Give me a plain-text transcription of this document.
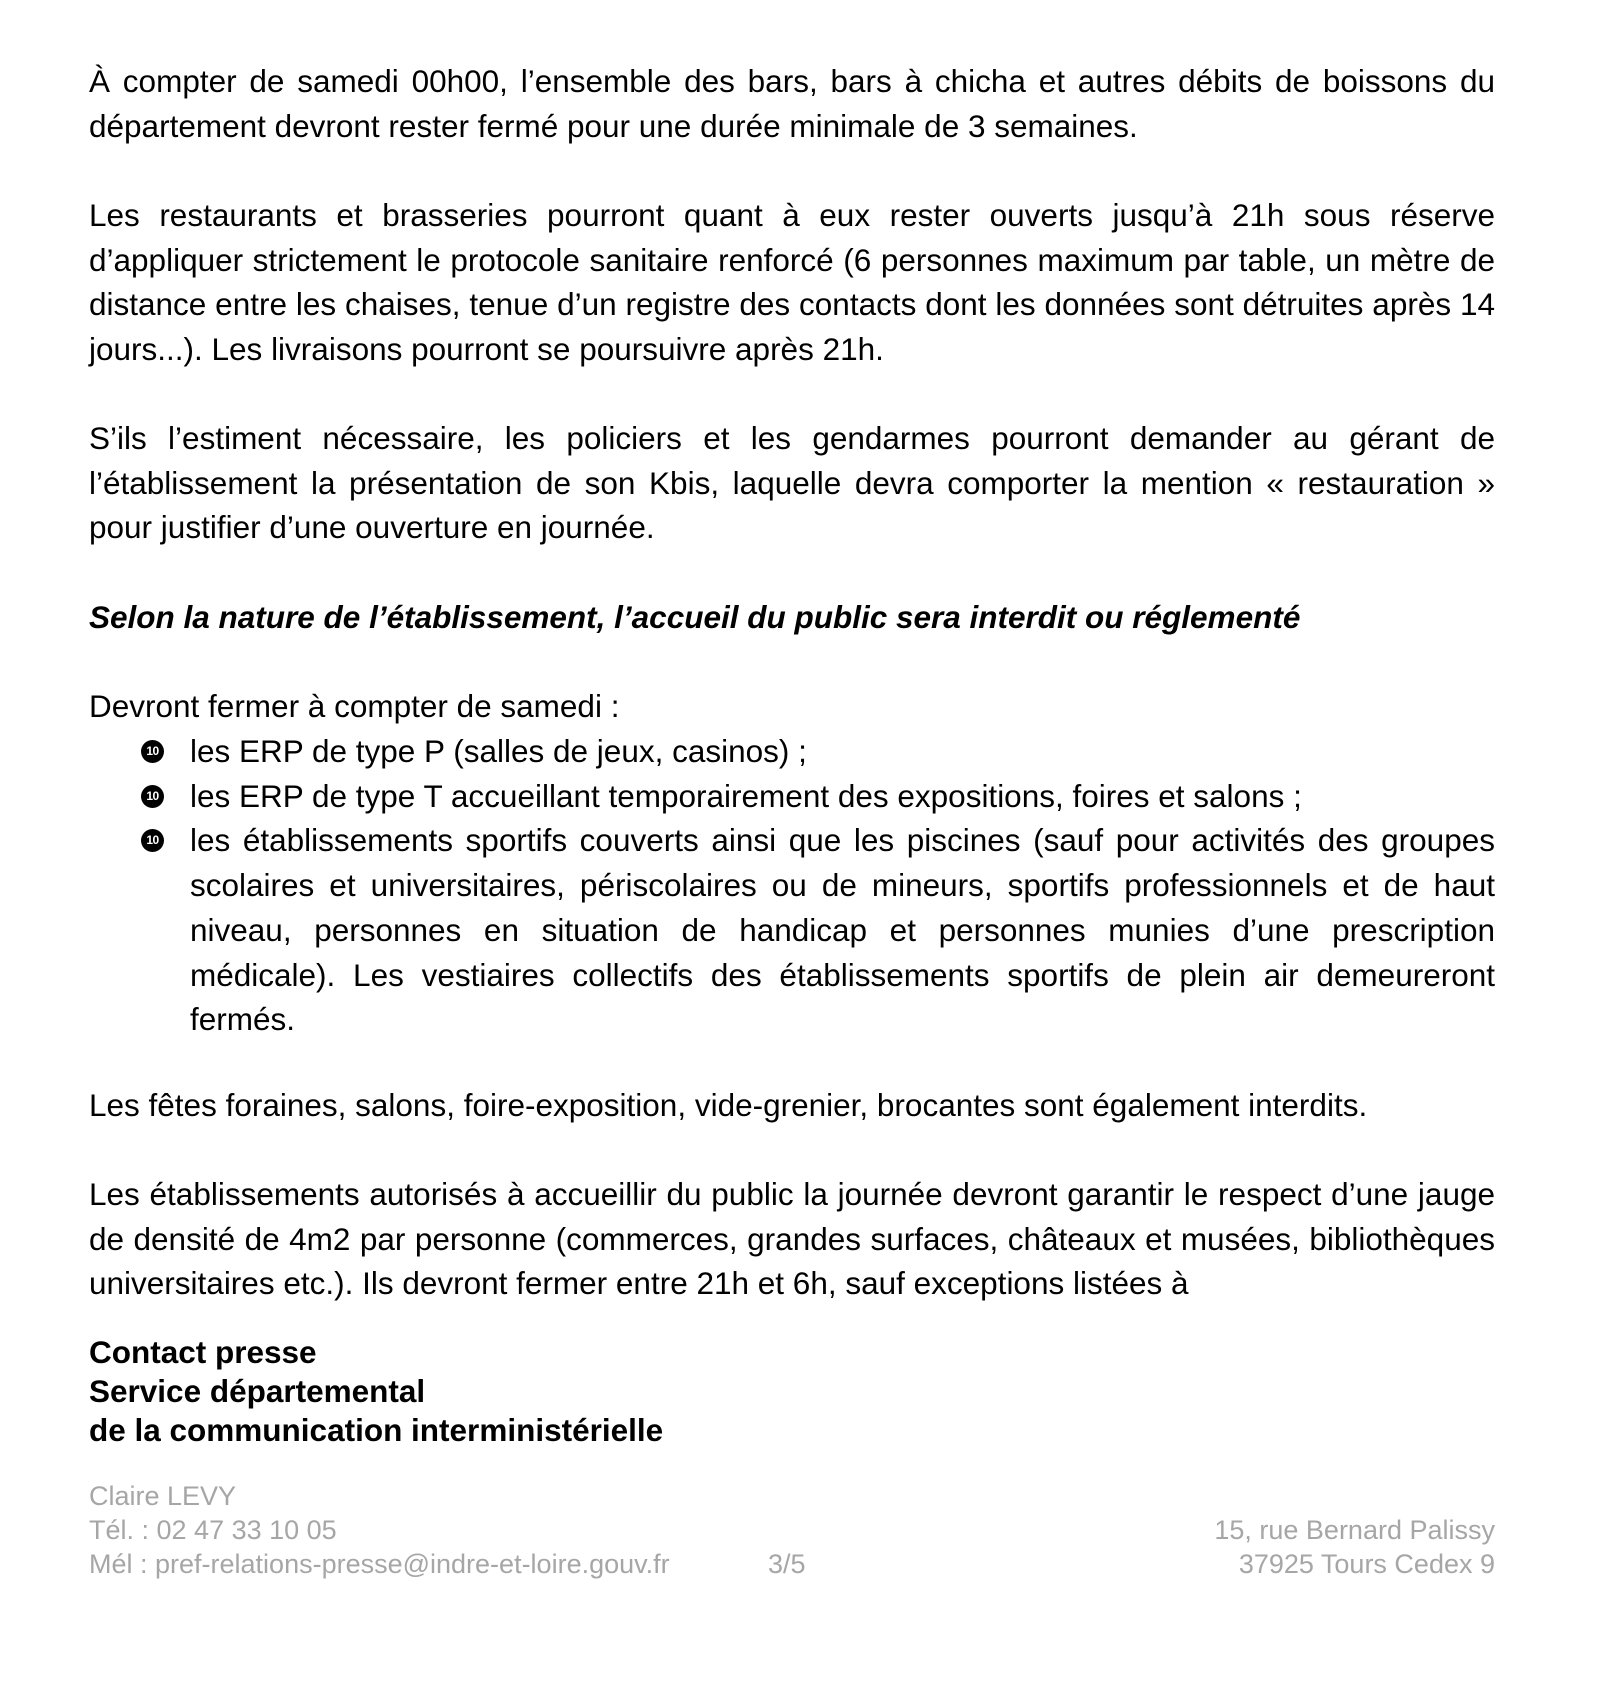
À compter de samedi 00h00, l’ensemble des bars, bars à chicha et autres débits de boissons du département devront rester fermé pour une durée minimale de 3 semaines.

Les restaurants et brasseries pourront quant à eux rester ouverts jusqu’à 21h sous réserve d’appliquer strictement le protocole sanitaire renforcé (6 personnes maximum par table, un mètre de distance entre les chaises, tenue d’un registre des contacts dont les données sont détruites après 14 jours...). Les livraisons pourront se poursuivre après 21h.

S’ils l’estiment nécessaire, les policiers et les gendarmes pourront demander au gérant de l’établissement la présentation de son Kbis, laquelle devra comporter la mention « restauration » pour justifier d’une ouverture en journée.

Selon la nature de l’établissement, l’accueil du public sera interdit ou réglementé

Devront fermer à compter de samedi :

10 les ERP de type P (salles de jeux, casinos) ;
10 les ERP de type T accueillant temporairement des expositions, foires et salons ;
10 les établissements sportifs couverts ainsi que les piscines (sauf pour activités des groupes scolaires et universitaires, périscolaires ou de mineurs, sportifs professionnels et de haut niveau, personnes en situation de handicap et personnes munies d’une prescription médicale). Les vestiaires collectifs des établissements sportifs de plein air demeureront fermés.

Les fêtes foraines, salons, foire-exposition, vide-grenier, brocantes sont également interdits.

Les établissements autorisés à accueillir du public la journée devront garantir le respect d’une jauge de densité de 4m2 par personne (commerces, grandes surfaces, châteaux et musées, bibliothèques universitaires etc.). Ils devront fermer entre 21h et 6h, sauf exceptions listées à

Contact presse
Service départemental
de la communication interministérielle
Claire LEVY
Tél. : 02 47 33 10 05
Mél : pref-relations-presse@indre-et-loire.gouv.fr	3/5
15, rue Bernard Palissy
37925 Tours Cedex 9
